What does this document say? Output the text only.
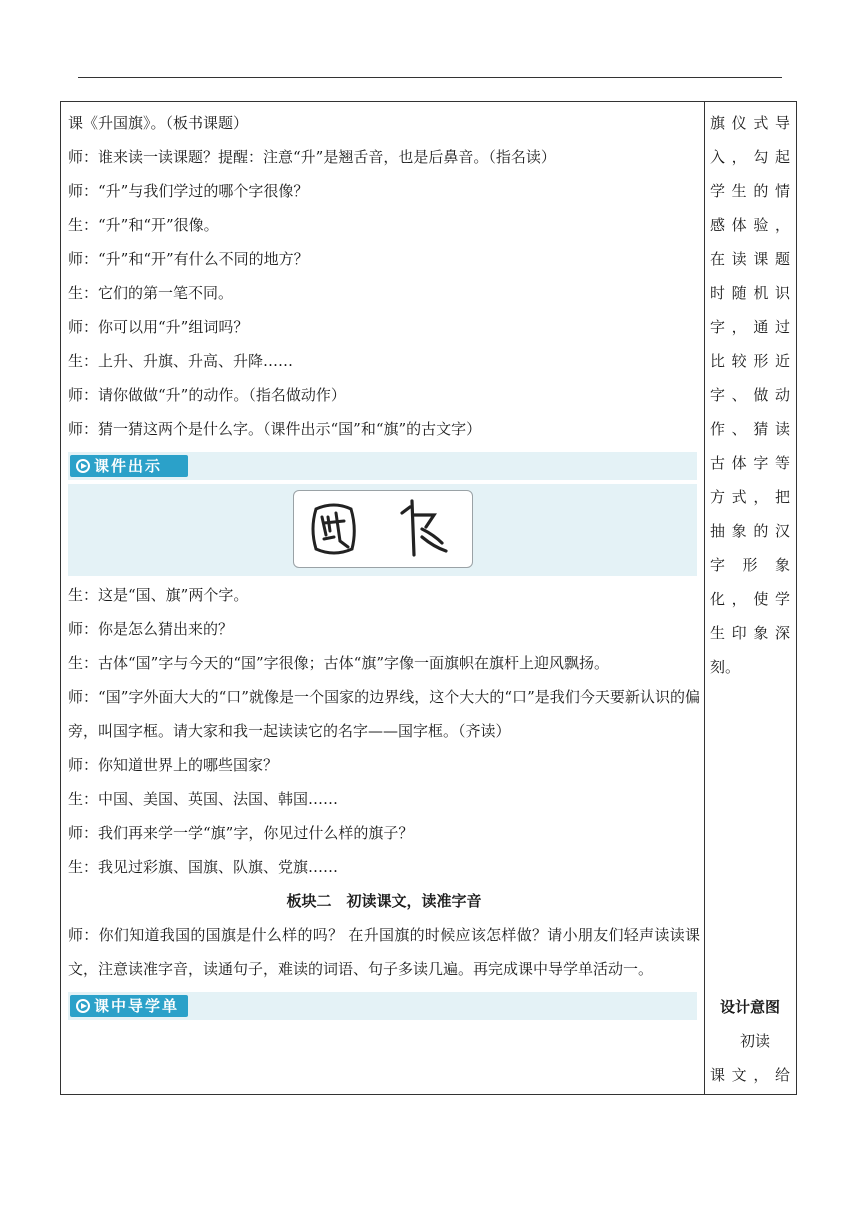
课《升国旗》。（板书课题）
师：谁来读一读课题？提醒：注意“升”是翘舌音，也是后鼻音。（指名读）
师：“升”与我们学过的哪个字很像？
生：“升”和“开”很像。
师：“升”和“开”有什么不同的地方？
生：它们的第一笔不同。
师：你可以用“升”组词吗？
生：上升、升旗、升高、升降……
师：请你做做“升”的动作。（指名做动作）
师：猜一猜这两个是什么字。（课件出示“国”和“旗”的古文字）
课件出示
生：这是“国、旗”两个字。
师：你是怎么猜出来的？
生：古体“国”字与今天的“国”字很像；古体“旗”字像一面旗帜在旗杆上迎风飘扬。
师：“国”字外面大大的“口”就像是一个国家的边界线，这个大大的“口”是我们今天要新认识的偏旁，叫国字框。请大家和我一起读读它的名字——国字框。（齐读）
师：你知道世界上的哪些国家？
生：中国、美国、英国、法国、韩国……
师：我们再来学一学“旗”字，你见过什么样的旗子？
生：我见过彩旗、国旗、队旗、党旗……
板块二　初读课文，读准字音
师：你们知道我国的国旗是什么样的吗？ 在升国旗的时候应该怎样做？请小朋友们轻声读读课文，注意读准字音，读通句子，难读的词语、句子多读几遍。再完成课中导学单活动一。
课中导学单
旗仪式导
入，勾起
学生的情
感体验，
在读课题
时随机识
字，通过
比较形近
字、做动
作、猜读
古体字等
方式，把
抽象的汉
字形象
化，使学
生印象深
刻。
设计意图
初读
课文，给
